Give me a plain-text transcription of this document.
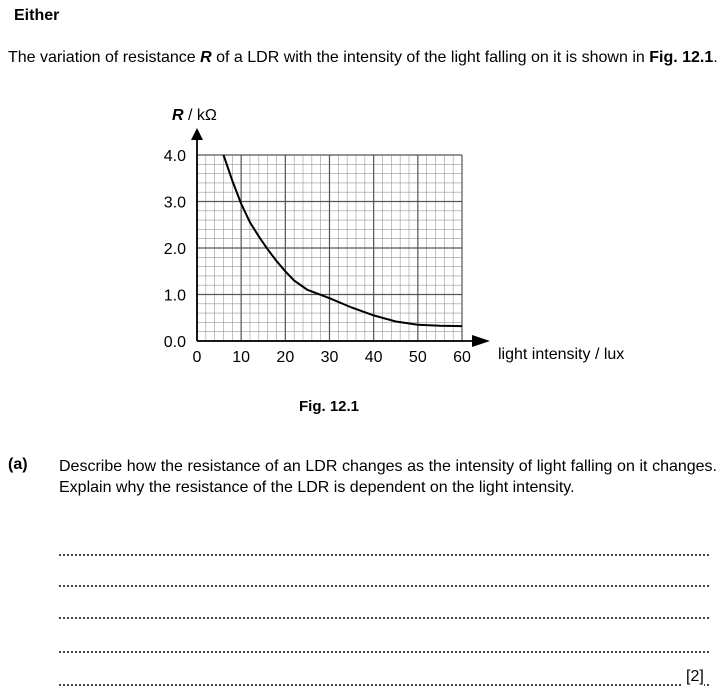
Either
The variation of resistance R of a LDR with the intensity of the light falling on it is shown in Fig. 12.1.
0 10 20 30 40 50 60
0.0
1.0
2.0
3.0
4.0
R / kΩ
light intensity / lux
Fig. 12.1
(a) Describe how the resistance of an LDR changes as the intensity of light falling on it changes. Explain why the resistance of the LDR is dependent on the light intensity.
[2]
